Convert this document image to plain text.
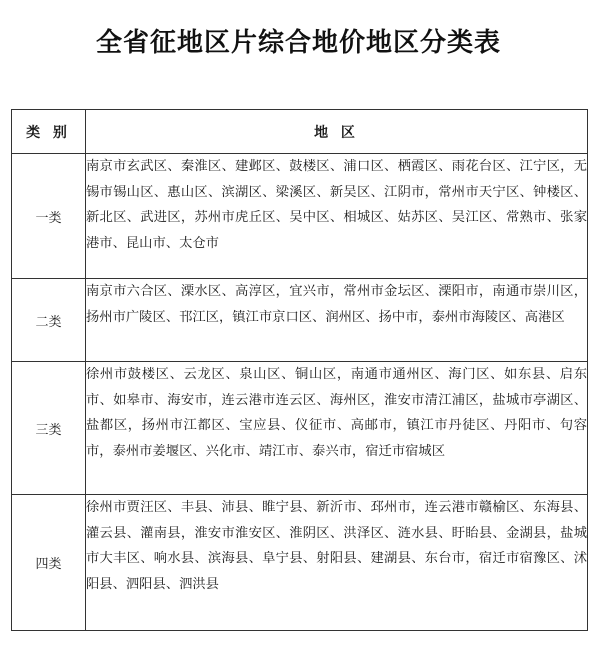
全省征地区片综合地价地区分类表
类 别	地 区
一类	南京市玄武区、秦淮区、建邺区、鼓楼区、浦口区、栖霞区、雨花台区、江宁区，无锡市锡山区、惠山区、滨湖区、梁溪区、新吴区、江阴市，常州市天宁区、钟楼区、新北区、武进区，苏州市虎丘区、吴中区、相城区、姑苏区、吴江区、常熟市、张家港市、昆山市、太仓市
二类	南京市六合区、溧水区、高淳区，宜兴市，常州市金坛区、溧阳市，南通市崇川区，扬州市广陵区、邗江区，镇江市京口区、润州区、扬中市，泰州市海陵区、高港区
三类	徐州市鼓楼区、云龙区、泉山区、铜山区，南通市通州区、海门区、如东县、启东市、如皋市、海安市，连云港市连云区、海州区，淮安市清江浦区，盐城市亭湖区、盐都区，扬州市江都区、宝应县、仪征市、高邮市，镇江市丹徒区、丹阳市、句容市，泰州市姜堰区、兴化市、靖江市、泰兴市，宿迁市宿城区
四类	徐州市贾汪区、丰县、沛县、睢宁县、新沂市、邳州市，连云港市赣榆区、东海县、灌云县、灌南县，淮安市淮安区、淮阴区、洪泽区、涟水县、盱眙县、金湖县，盐城市大丰区、响水县、滨海县、阜宁县、射阳县、建湖县、东台市，宿迁市宿豫区、沭阳县、泗阳县、泗洪县
